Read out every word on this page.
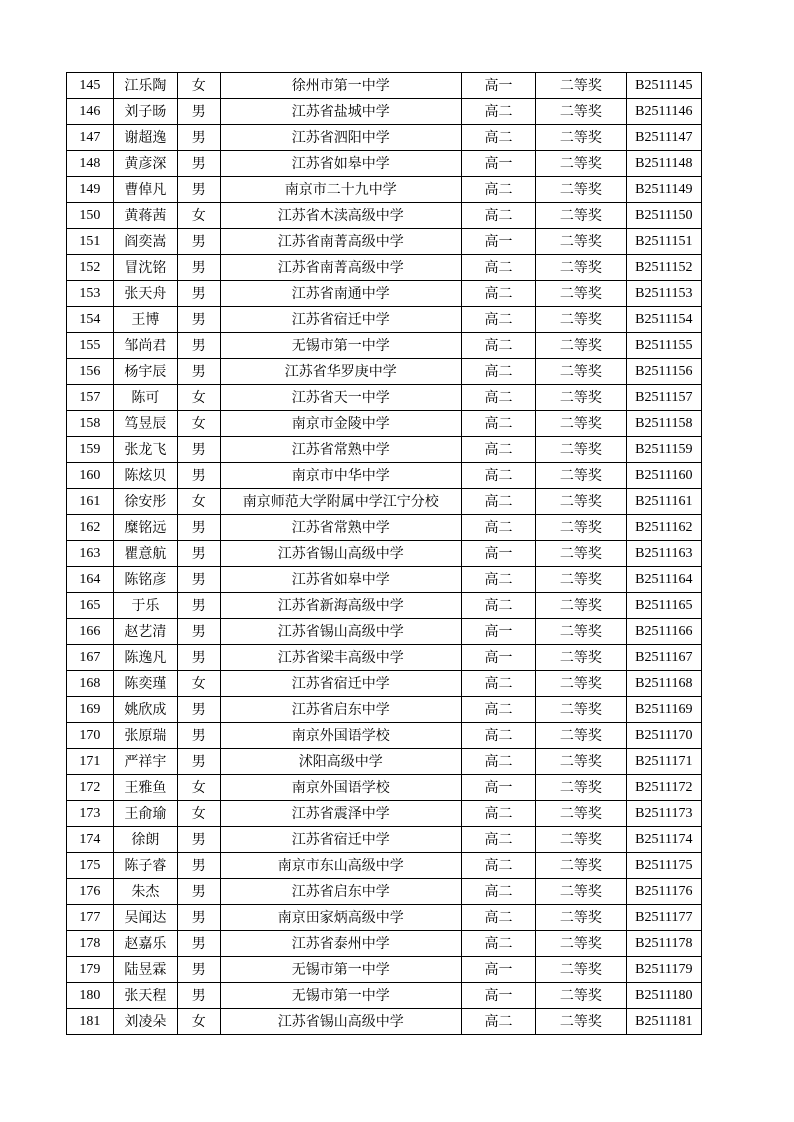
145	江乐陶	女	徐州市第一中学	高一	二等奖	B2511145
146	刘子旸	男	江苏省盐城中学	高二	二等奖	B2511146
147	谢超逸	男	江苏省泗阳中学	高二	二等奖	B2511147
148	黄彦深	男	江苏省如皋中学	高一	二等奖	B2511148
149	曹倬凡	男	南京市二十九中学	高二	二等奖	B2511149
150	黄蒋茜	女	江苏省木渎高级中学	高二	二等奖	B2511150
151	阎奕嵩	男	江苏省南菁高级中学	高一	二等奖	B2511151
152	冒沈铭	男	江苏省南菁高级中学	高二	二等奖	B2511152
153	张天舟	男	江苏省南通中学	高二	二等奖	B2511153
154	王博	男	江苏省宿迁中学	高二	二等奖	B2511154
155	邹尚君	男	无锡市第一中学	高二	二等奖	B2511155
156	杨宇辰	男	江苏省华罗庚中学	高二	二等奖	B2511156
157	陈可	女	江苏省天一中学	高二	二等奖	B2511157
158	笃昱辰	女	南京市金陵中学	高二	二等奖	B2511158
159	张龙飞	男	江苏省常熟中学	高二	二等奖	B2511159
160	陈炫贝	男	南京市中华中学	高二	二等奖	B2511160
161	徐安彤	女	南京师范大学附属中学江宁分校	高二	二等奖	B2511161
162	糜铭远	男	江苏省常熟中学	高二	二等奖	B2511162
163	瞿意航	男	江苏省锡山高级中学	高一	二等奖	B2511163
164	陈铭彦	男	江苏省如皋中学	高二	二等奖	B2511164
165	于乐	男	江苏省新海高级中学	高二	二等奖	B2511165
166	赵艺清	男	江苏省锡山高级中学	高一	二等奖	B2511166
167	陈逸凡	男	江苏省梁丰高级中学	高一	二等奖	B2511167
168	陈奕瑾	女	江苏省宿迁中学	高二	二等奖	B2511168
169	姚欣成	男	江苏省启东中学	高二	二等奖	B2511169
170	张原瑞	男	南京外国语学校	高二	二等奖	B2511170
171	严祥宇	男	沭阳高级中学	高二	二等奖	B2511171
172	王雅鱼	女	南京外国语学校	高一	二等奖	B2511172
173	王俞瑜	女	江苏省震泽中学	高二	二等奖	B2511173
174	徐朗	男	江苏省宿迁中学	高二	二等奖	B2511174
175	陈子睿	男	南京市东山高级中学	高二	二等奖	B2511175
176	朱杰	男	江苏省启东中学	高二	二等奖	B2511176
177	吴闻达	男	南京田家炳高级中学	高二	二等奖	B2511177
178	赵嘉乐	男	江苏省泰州中学	高二	二等奖	B2511178
179	陆昱霖	男	无锡市第一中学	高一	二等奖	B2511179
180	张天程	男	无锡市第一中学	高一	二等奖	B2511180
181	刘凌朵	女	江苏省锡山高级中学	高二	二等奖	B2511181
